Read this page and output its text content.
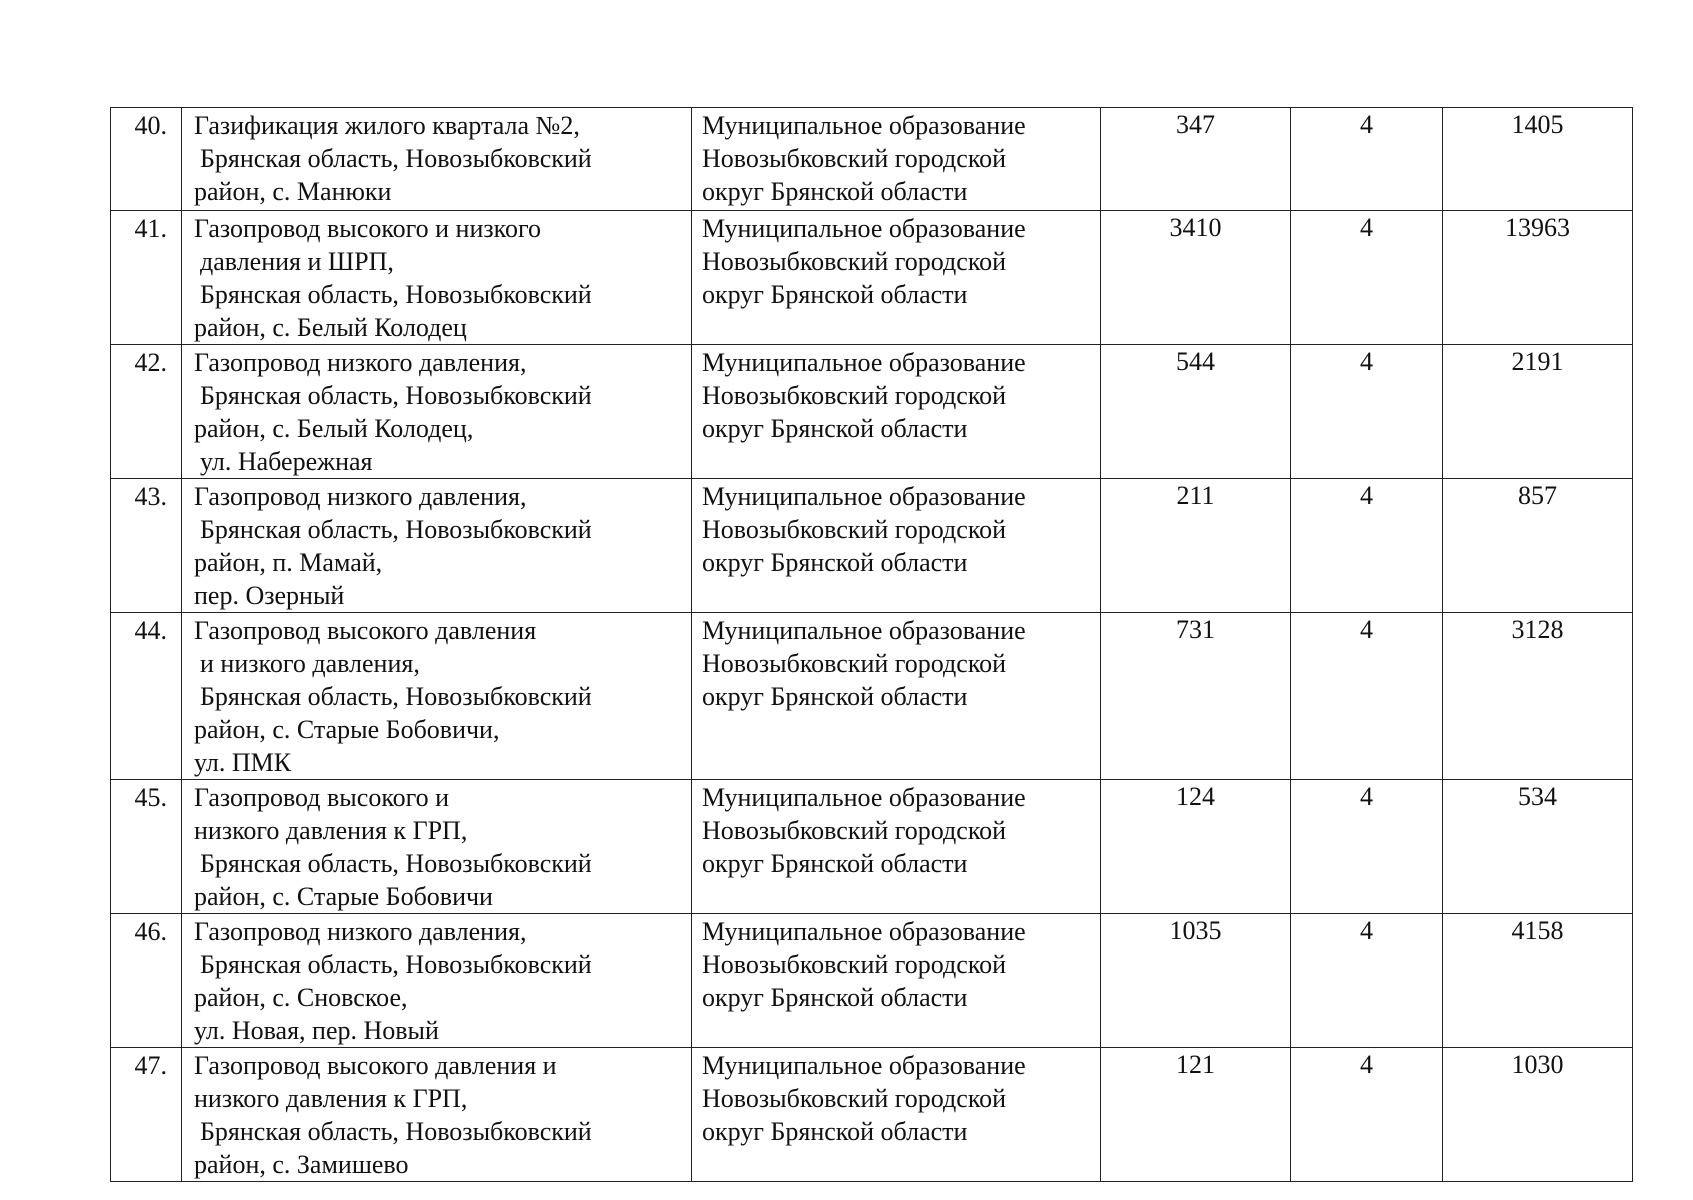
40.	Газификация жилого квартала №2,
Брянская область, Новозыбковский
район, с. Манюки	Муниципальное образование
Новозыбковский городской
округ Брянской области	347	4	1405
41.	Газопровод высокого и низкого
давления и ШРП,
Брянская область, Новозыбковский
район, с. Белый Колодец	Муниципальное образование
Новозыбковский городской
округ Брянской области	3410	4	13963
42.	Газопровод низкого давления,
Брянская область, Новозыбковский
район, с. Белый Колодец,
ул. Набережная	Муниципальное образование
Новозыбковский городской
округ Брянской области	544	4	2191
43.	Газопровод низкого давления,
Брянская область, Новозыбковский
район, п. Мамай,
пер. Озерный	Муниципальное образование
Новозыбковский городской
округ Брянской области	211	4	857
44.	Газопровод высокого давления
и низкого давления,
Брянская область, Новозыбковский
район, с. Старые Бобовичи,
ул. ПМК	Муниципальное образование
Новозыбковский городской
округ Брянской области	731	4	3128
45.	Газопровод высокого и
низкого давления к ГРП,
Брянская область, Новозыбковский
район, с. Старые Бобовичи	Муниципальное образование
Новозыбковский городской
округ Брянской области	124	4	534
46.	Газопровод низкого давления,
Брянская область, Новозыбковский
район, с. Сновское,
ул. Новая, пер. Новый	Муниципальное образование
Новозыбковский городской
округ Брянской области	1035	4	4158
47.	Газопровод высокого давления и
низкого давления к ГРП,
Брянская область, Новозыбковский
район, с. Замишево	Муниципальное образование
Новозыбковский городской
округ Брянской области	121	4	1030
